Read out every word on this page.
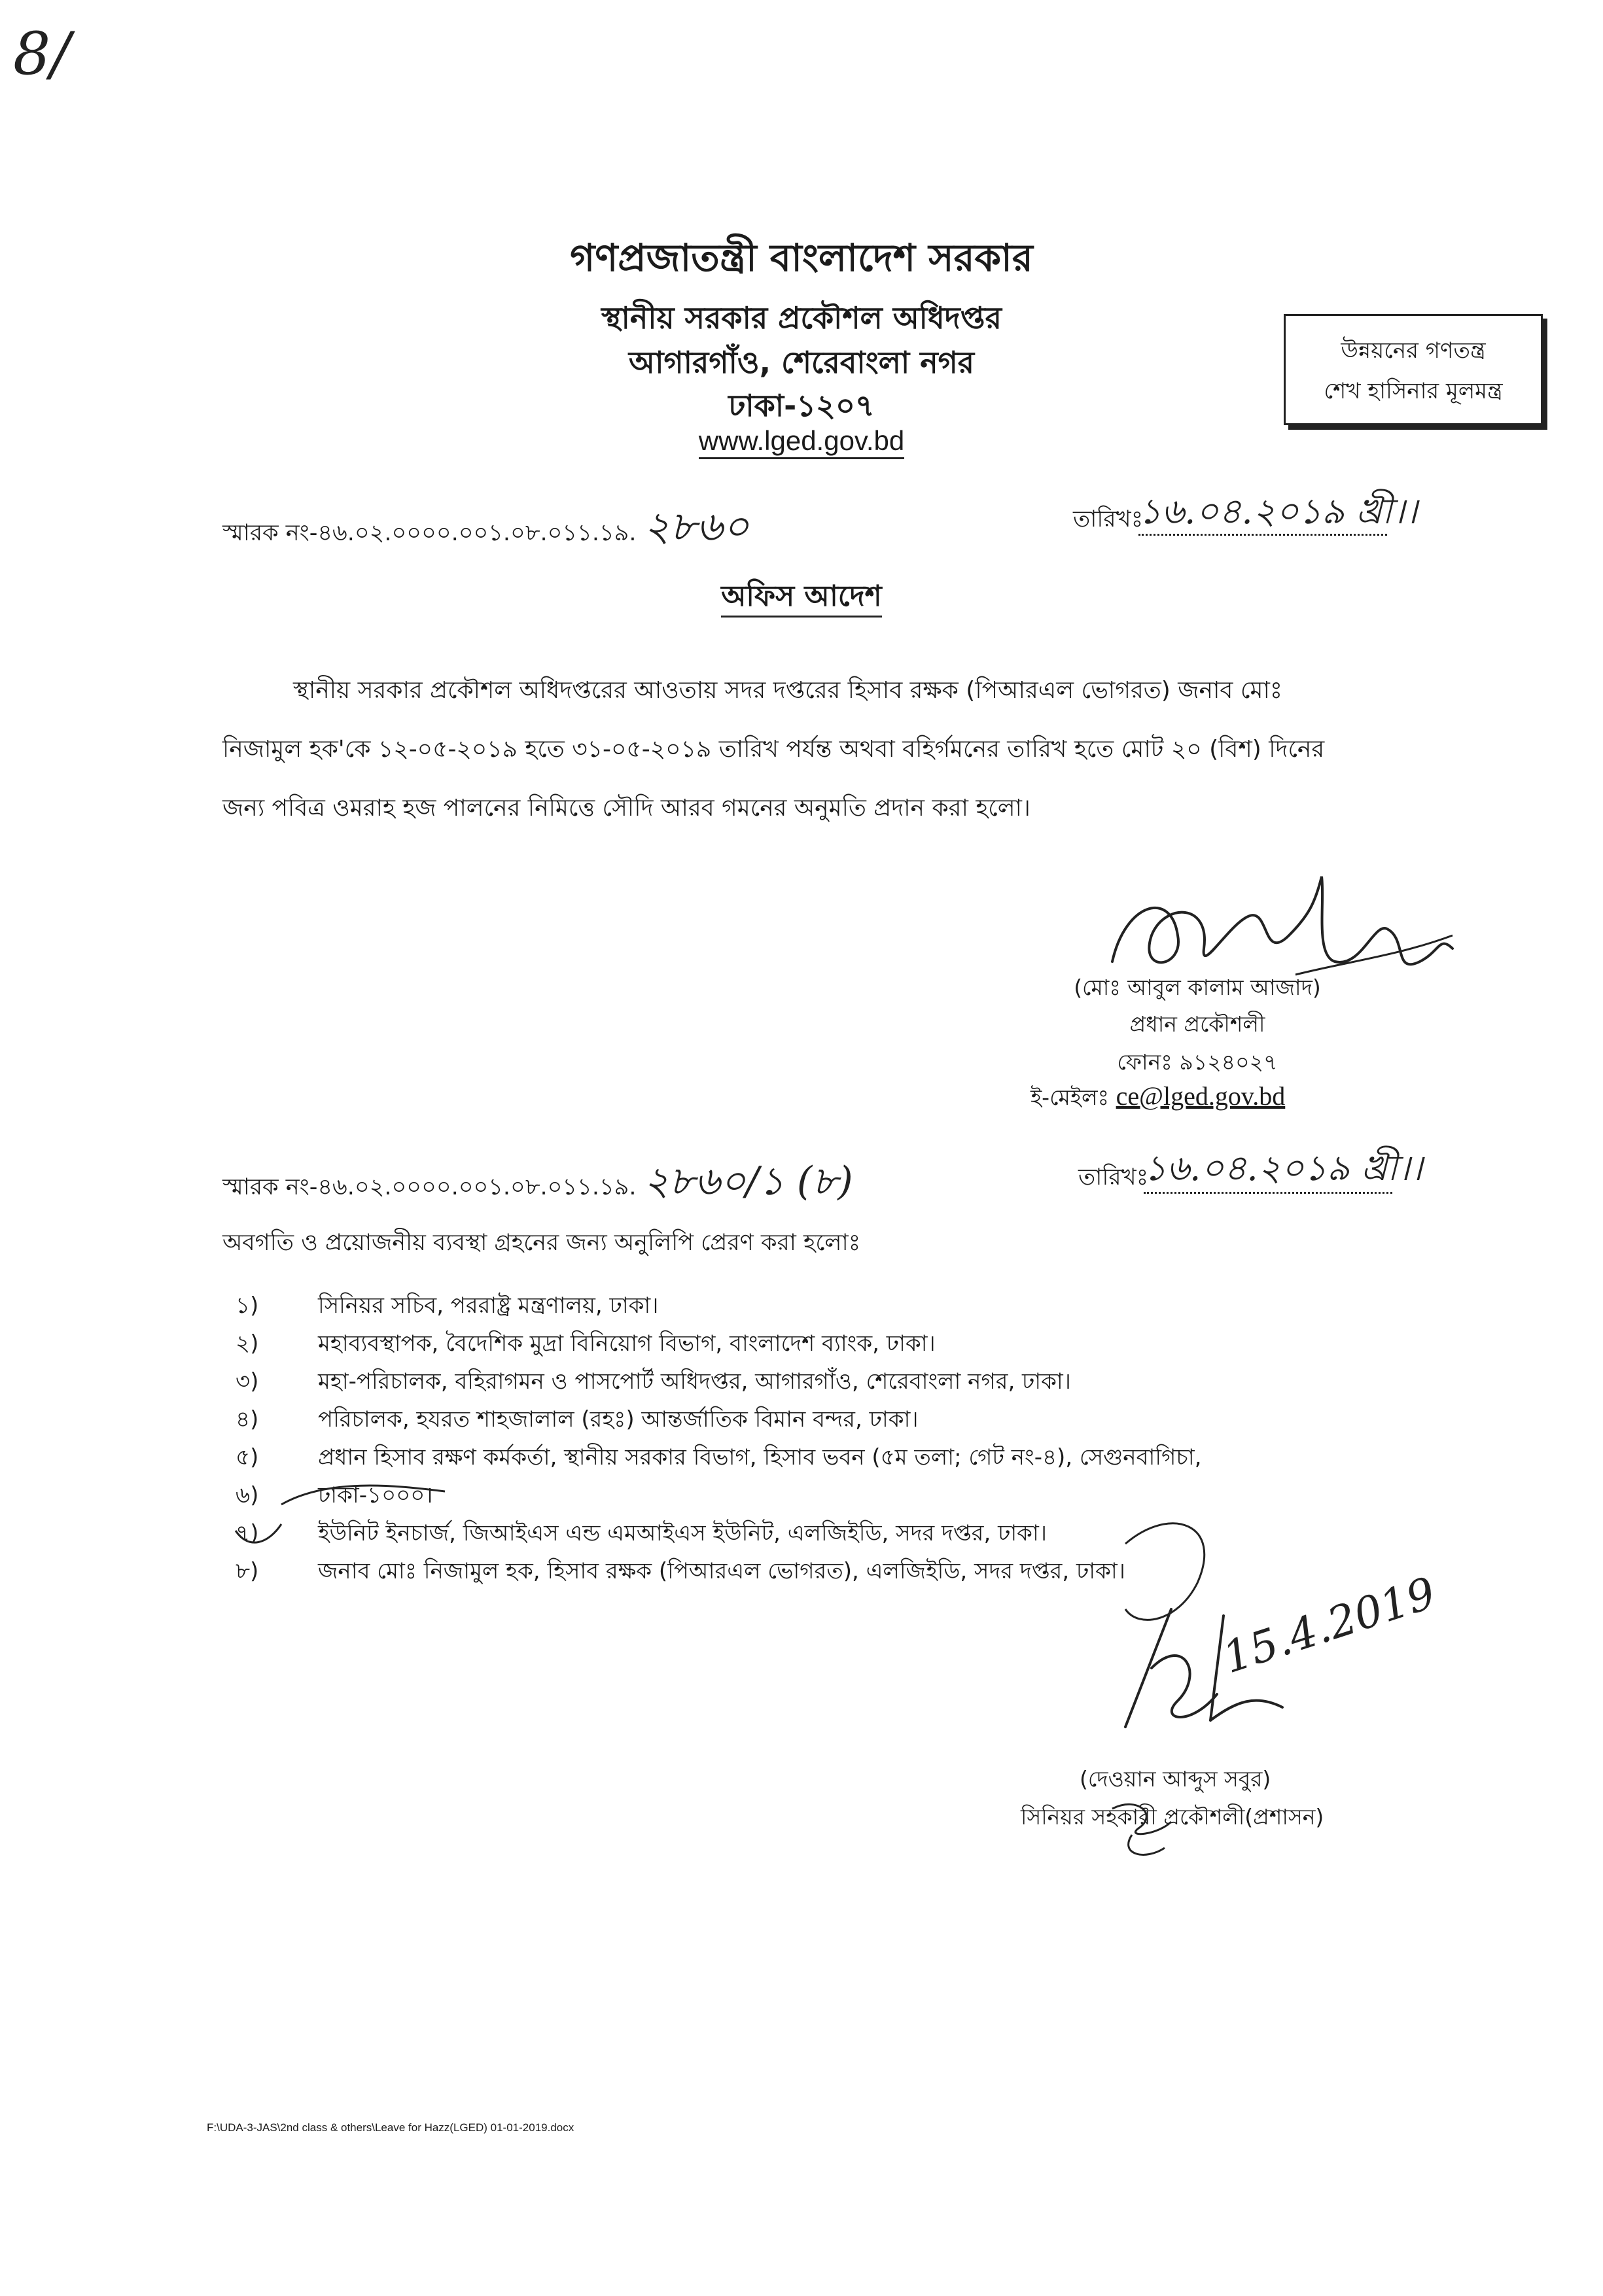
8/
গণপ্রজাতন্ত্রী বাংলাদেশ সরকার
স্থানীয় সরকার প্রকৌশল অধিদপ্তর
আগারগাঁও, শেরেবাংলা নগর
ঢাকা-১২০৭
www.lged.gov.bd
উন্নয়নের গণতন্ত্র
শেখ হাসিনার মূলমন্ত্র
স্মারক নং-৪৬.০২.০০০০.০০১.০৮.০১১.১৯. ২৮৬০	তারিখঃ
১৬.০৪.২০১৯ খ্রী।।
অফিস আদেশ
স্থানীয় সরকার প্রকৌশল অধিদপ্তরের আওতায় সদর দপ্তরের হিসাব রক্ষক (পিআরএল ভোগরত) জনাব মোঃ
নিজামুল হক'কে ১২-০৫-২০১৯ হতে ৩১-০৫-২০১৯ তারিখ পর্যন্ত অথবা বহির্গমনের তারিখ হতে মোট ২০ (বিশ) দিনের
জন্য পবিত্র ওমরাহ হজ পালনের নিমিত্তে সৌদি আরব গমনের অনুমতি প্রদান করা হলো।
(মোঃ আবুল কালাম আজাদ)
প্রধান প্রকৌশলী
ফোনঃ ৯১২৪০২৭
ই-মেইলঃ ce@lged.gov.bd
স্মারক নং-৪৬.০২.০০০০.০০১.০৮.০১১.১৯. ২৮৬০/১ (৮)	তারিখঃ
১৬.০৪.২০১৯ খ্রী।।
অবগতি ও প্রয়োজনীয় ব্যবস্থা গ্রহনের জন্য অনুলিপি প্রেরণ করা হলোঃ
১)	সিনিয়র সচিব, পররাষ্ট্র মন্ত্রণালয়, ঢাকা।
২)	মহাব্যবস্থাপক, বৈদেশিক মুদ্রা বিনিয়োগ বিভাগ, বাংলাদেশ ব্যাংক, ঢাকা।
৩)	মহা-পরিচালক, বহিরাগমন ও পাসপোর্ট অধিদপ্তর, আগারগাঁও, শেরেবাংলা নগর, ঢাকা।
৪)	পরিচালক, হযরত শাহজালাল (রহঃ) আন্তর্জাতিক বিমান বন্দর, ঢাকা।
৫)	প্রধান হিসাব রক্ষণ কর্মকর্তা, স্থানীয় সরকার বিভাগ, হিসাব ভবন (৫ম তলা; গেট নং-৪), সেগুনবাগিচা,
৬)	ঢাকা-১০০০।
৭)	ইউনিট ইনচার্জ, জিআইএস এন্ড এমআইএস ইউনিট, এলজিইডি, সদর দপ্তর, ঢাকা।
৮)	জনাব মোঃ নিজামুল হক, হিসাব রক্ষক (পিআরএল ভোগরত), এলজিইডি, সদর দপ্তর, ঢাকা। 15.4.2019
(দেওয়ান আব্দুস সবুর)
সিনিয়র সহকারী প্রকৌশলী(প্রশাসন)
F:\UDA-3-JAS\2nd class & others\Leave for Hazz(LGED) 01-01-2019.docx
